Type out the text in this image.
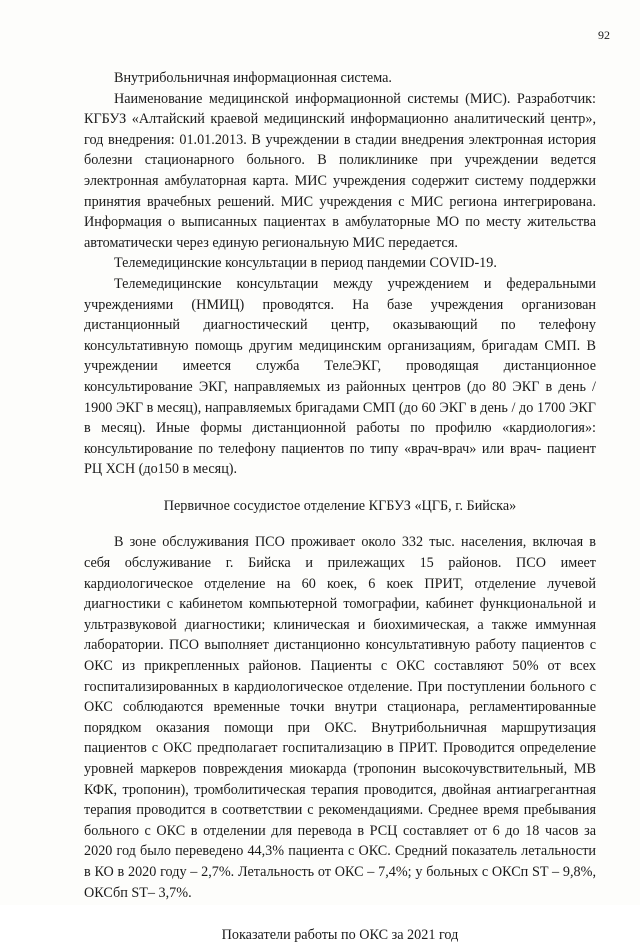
92

Внутрибольничная информационная система.

Наименование медицинской информационной системы (МИС). Разработчик: КГБУЗ «Алтайский краевой медицинский информационно аналитический центр», год внедрения: 01.01.2013. В учреждении в стадии внедрения электронная история болезни стационарного больного. В поликлинике при учреждении ведется электронная амбулаторная карта. МИС учреждения содержит систему поддержки принятия врачебных решений. МИС учреждения с МИС региона интегрирована. Информация о выписанных пациентах в амбулаторные МО по месту жительства автоматически через единую региональную МИС передается.

Телемедицинские консультации в период пандемии COVID-19.

Телемедицинские консультации между учреждением и федеральными учреждениями (НМИЦ) проводятся. На базе учреждения организован дистанционный диагностический центр, оказывающий по телефону консультативную помощь другим медицинским организациям, бригадам СМП. В учреждении имеется служба ТелеЭКГ, проводящая дистанционное консультирование ЭКГ, направляемых из районных центров (до 80 ЭКГ в день / 1900 ЭКГ в месяц), направляемых бригадами СМП (до 60 ЭКГ в день / до 1700 ЭКГ в месяц). Иные формы дистанционной работы по профилю «кардиология»: консультирование по телефону пациентов по типу «врач-врач» или врач- пациент РЦ ХСН (до150 в месяц).

Первичное сосудистое отделение КГБУЗ «ЦГБ, г. Бийска»

В зоне обслуживания ПСО проживает около 332 тыс. населения, включая в себя обслуживание г. Бийска и прилежащих 15 районов. ПСО имеет кардиологическое отделение на 60 коек, 6 коек ПРИТ, отделение лучевой диагностики с кабинетом компьютерной томографии, кабинет функциональной и ультразвуковой диагностики; клиническая и биохимическая, а также иммунная лаборатории. ПСО выполняет дистанционно консультативную работу пациентов с ОКС из прикрепленных районов. Пациенты с ОКС составляют 50% от всех госпитализированных в кардиологическое отделение. При поступлении больного с ОКС соблюдаются временные точки внутри стационара, регламентированные порядком оказания помощи при ОКС. Внутрибольничная маршрутизация пациентов с ОКС предполагает госпитализацию в ПРИТ. Проводится определение уровней маркеров повреждения миокарда (тропонин высокочувствительный, МВ КФК, тропонин), тромболитическая терапия проводится, двойная антиагрегантная терапия проводится в соответствии с рекомендациями. Среднее время пребывания больного с ОКС в отделении для перевода в РСЦ составляет от 6 до 18 часов за 2020 год было переведено 44,3% пациента с ОКС. Средний показатель летальности в КО в 2020 году – 2,7%. Летальность от ОКС – 7,4%; у больных с ОКСп ST – 9,8%, ОКСбп ST– 3,7%.

Показатели работы по ОКС за 2021 год
